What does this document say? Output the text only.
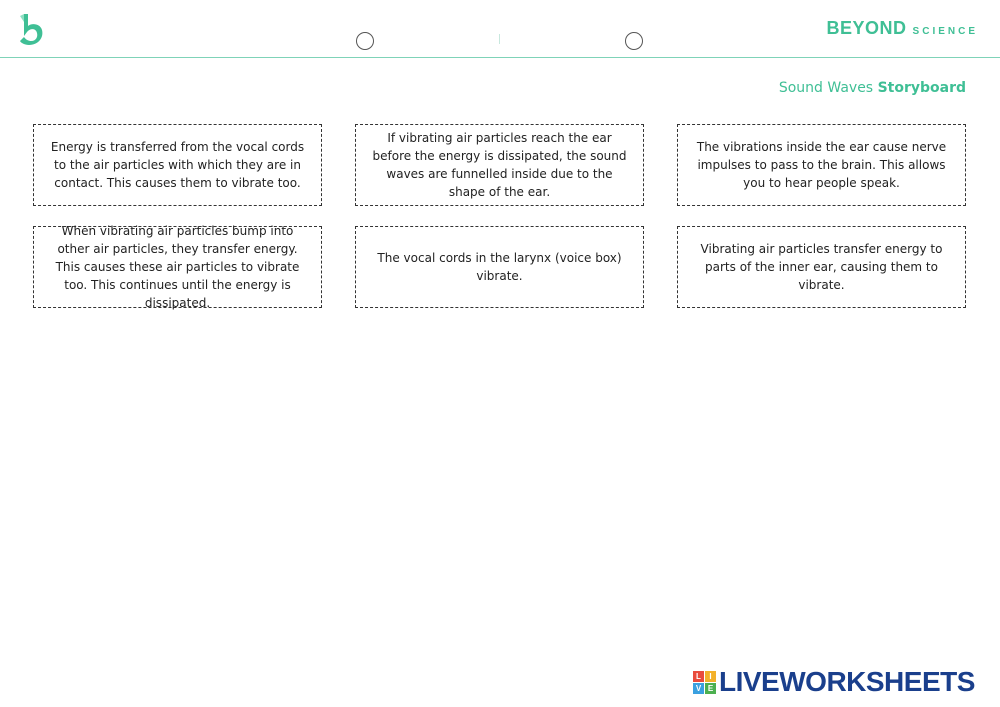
BEYOND SCIENCE
Sound Waves Storyboard
Energy is transferred from the vocal cords to the air particles with which they are in contact. This causes them to vibrate too.
If vibrating air particles reach the ear before the energy is dissipated, the sound waves are funnelled inside due to the shape of the ear.
The vibrations inside the ear cause nerve impulses to pass to the brain. This allows you to hear people speak.
When vibrating air particles bump into other air particles, they transfer energy. This causes these air particles to vibrate too. This continues until the energy is dissipated.
The vocal cords in the larynx (voice box) vibrate.
Vibrating air particles transfer energy to parts of the inner ear, causing them to vibrate.
L	I
V E LIVEWORKSHEETS
